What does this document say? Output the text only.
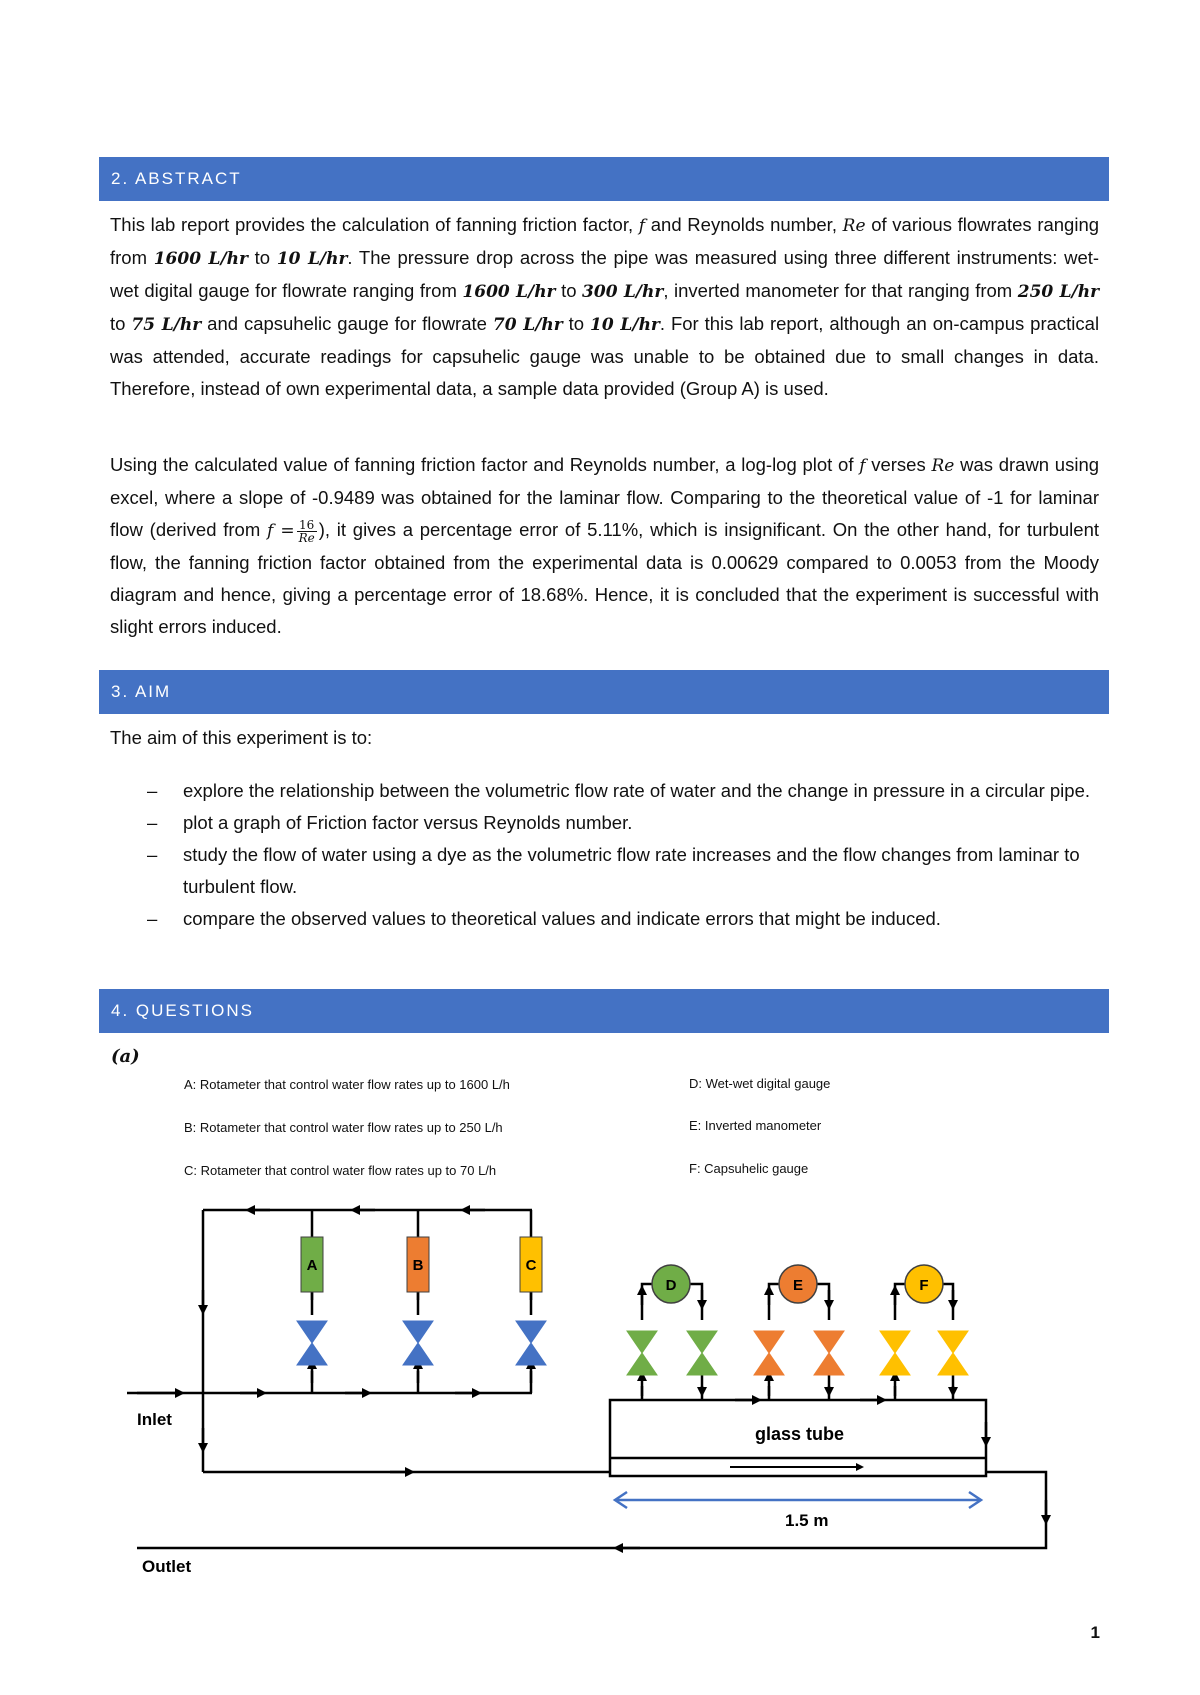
2. ABSTRACT
This lab report provides the calculation of fanning friction factor, f and Reynolds number, Re of various flowrates ranging from 1600 L/hr to 10 L/hr. The pressure drop across the pipe was measured using three different instruments: wet-wet digital gauge for flowrate ranging from 1600 L/hr to 300 L/hr, inverted manometer for that ranging from 250 L/hr to 75 L/hr and capsuhelic gauge for flowrate 70 L/hr to 10 L/hr. For this lab report, although an on-campus practical was attended, accurate readings for capsuhelic gauge was unable to be obtained due to small changes in data. Therefore, instead of own experimental data, a sample data provided (Group A) is used.
Using the calculated value of fanning friction factor and Reynolds number, a log-log plot of f verses Re was drawn using excel, where a slope of -0.9489 was obtained for the laminar flow. Comparing to the theoretical value of -1 for laminar flow (derived from $f = \frac{16}{Re}$ ), it gives a percentage error of 5.11%, which is insignificant. On the other hand, for turbulent flow, the fanning friction factor obtained from the experimental data is 0.00629 compared to 0.0053 from the Moody diagram and hence, giving a percentage error of 18.68%. Hence, it is concluded that the experiment is successful with slight errors induced.
3. AIM
The aim of this experiment is to:
– explore the relationship between the volumetric flow rate of water and the change in pressure in a circular pipe.
– plot a graph of Friction factor versus Reynolds number.
– study the flow of water using a dye as the volumetric flow rate increases and the flow changes from laminar to turbulent flow.
– compare the observed values to theoretical values and indicate errors that might be induced.
4. QUESTIONS
(a)
A: Rotameter that control water flow rates up to 1600 L/h
B: Rotameter that control water flow rates up to 250 L/h
C: Rotameter that control water flow rates up to 70 L/h
D: Wet-wet digital gauge
E: Inverted manometer
F: Capsuhelic gauge
A	B	C
D	E	F
glass tube
1.5 m
Inlet
Outlet
1
